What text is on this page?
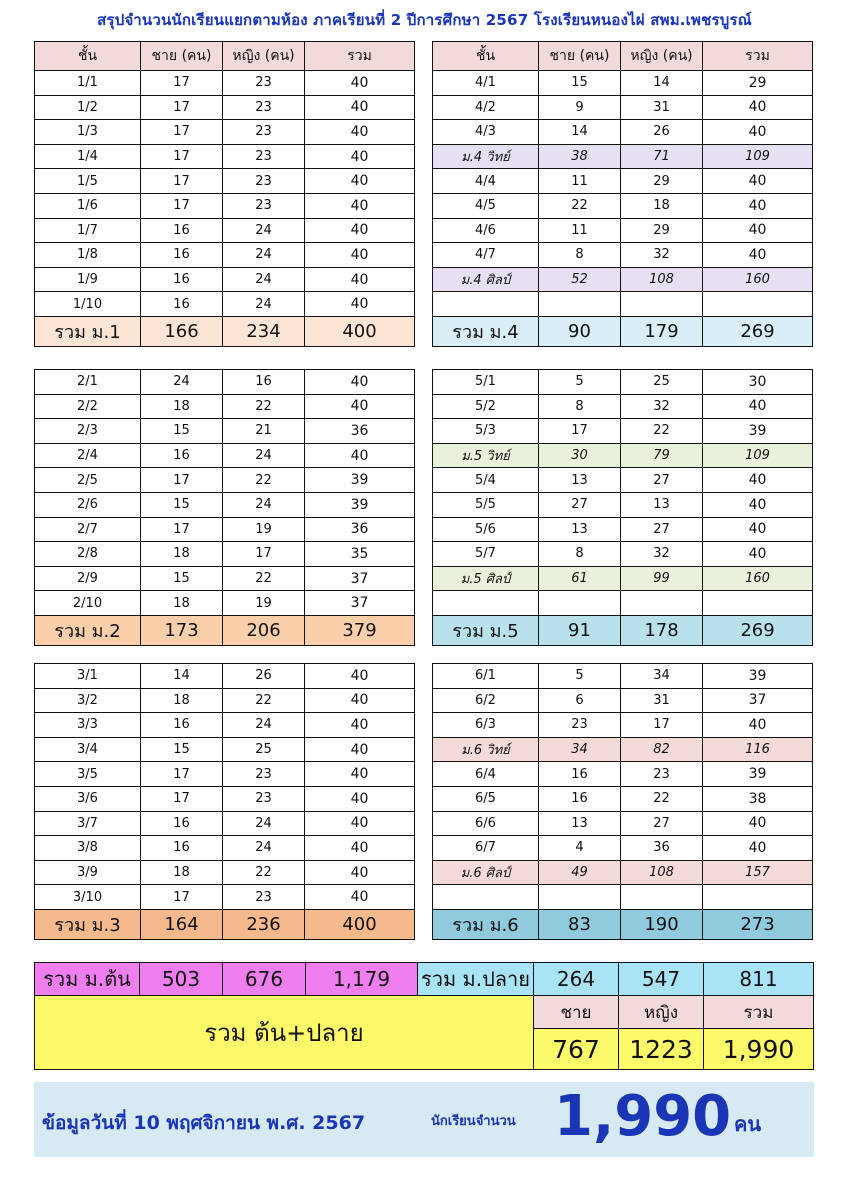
สรุปจำนวนนักเรียนแยกตามห้อง ภาคเรียนที่ 2 ปีการศึกษา 2567 โรงเรียนหนองไผ่ สพม.เพชรบูรณ์
ชั้น	ชาย (คน)	หญิง (คน)	รวม
1/1	17	23	40
1/2	17	23	40
1/3	17	23	40
1/4	17	23	40
1/5	17	23	40
1/6	17	23	40
1/7	16	24	40
1/8	16	24	40
1/9	16	24	40
1/10	16	24	40
รวม ม.1	166	234	400
ชั้น	ชาย (คน)	หญิง (คน)	รวม
4/1	15	14	29
4/2	9	31	40
4/3	14	26	40
ม.4 วิทย์	38	71	109
4/4	11	29	40
4/5	22	18	40
4/6	11	29	40
4/7	8	32	40
ม.4 ศิลป์	52	108	160

รวม ม.4	90	179	269
2/1	24	16	40
2/2	18	22	40
2/3	15	21	36
2/4	16	24	40
2/5	17	22	39
2/6	15	24	39
2/7	17	19	36
2/8	18	17	35
2/9	15	22	37
2/10	18	19	37
รวม ม.2	173	206	379
5/1	5	25	30
5/2	8	32	40
5/3	17	22	39
ม.5 วิทย์	30	79	109
5/4	13	27	40
5/5	27	13	40
5/6	13	27	40
5/7	8	32	40
ม.5 ศิลป์	61	99	160

รวม ม.5	91	178	269
3/1	14	26	40
3/2	18	22	40
3/3	16	24	40
3/4	15	25	40
3/5	17	23	40
3/6	17	23	40
3/7	16	24	40
3/8	16	24	40
3/9	18	22	40
3/10	17	23	40
รวม ม.3	164	236	400
6/1	5	34	39
6/2	6	31	37
6/3	23	17	40
ม.6 วิทย์	34	82	116
6/4	16	23	39
6/5	16	22	38
6/6	13	27	40
6/7	4	36	40
ม.6 ศิลป์	49	108	157

รวม ม.6	83	190	273
รวม ม.ต้น	503	676	1,179	รวม ม.ปลาย	264	547	811
รวม ต้น+ปลาย
ชาย	หญิง	รวม
767	1223	1,990
ข้อมูลวันที่ 10 พฤศจิกายน พ.ศ. 2567	นักเรียนจำนวน 1,990 คน
